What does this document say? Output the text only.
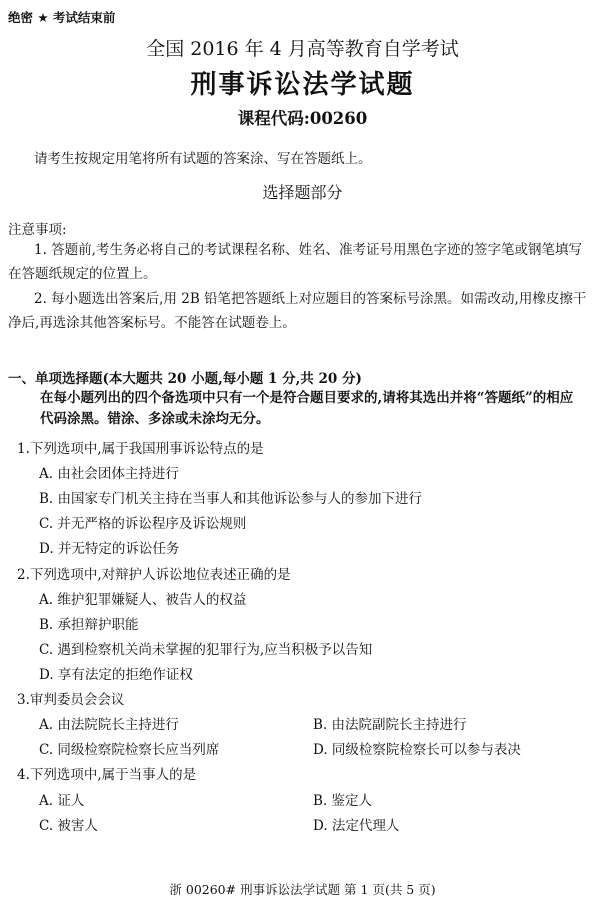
绝密 ★ 考试结束前
全国 2016 年 4 月高等教育自学考试
刑事诉讼法学试题
课程代码:00260
请考生按规定用笔将所有试题的答案涂、写在答题纸上。
选择题部分
注意事项:
1. 答题前,考生务必将自己的考试课程名称、姓名、准考证号用黑色字迹的签字笔或钢笔填写在答题纸规定的位置上。
2. 每小题选出答案后,用 2B 铅笔把答题纸上对应题目的答案标号涂黑。如需改动,用橡皮擦干净后,再选涂其他答案标号。不能答在试题卷上。
一、单项选择题(本大题共 20 小题,每小题 1 分,共 20 分)
在每小题列出的四个备选项中只有一个是符合题目要求的,请将其选出并将“答题纸”的相应代码涂黑。错涂、多涂或未涂均无分。
1.下列选项中,属于我国刑事诉讼特点的是
A. 由社会团体主持进行
B. 由国家专门机关主持在当事人和其他诉讼参与人的参加下进行
C. 并无严格的诉讼程序及诉讼规则
D. 并无特定的诉讼任务
2.下列选项中,对辩护人诉讼地位表述正确的是
A. 维护犯罪嫌疑人、被告人的权益
B. 承担辩护职能
C. 遇到检察机关尚未掌握的犯罪行为,应当积极予以告知
D. 享有法定的拒绝作证权
3.审判委员会会议
A. 由法院院长主持进行	B. 由法院副院长主持进行
C. 同级检察院检察长应当列席	D. 同级检察院检察长可以参与表决
4.下列选项中,属于当事人的是
A. 证人	B. 鉴定人
C. 被害人	D. 法定代理人
浙 00260# 刑事诉讼法学试题 第 1 页(共 5 页)
